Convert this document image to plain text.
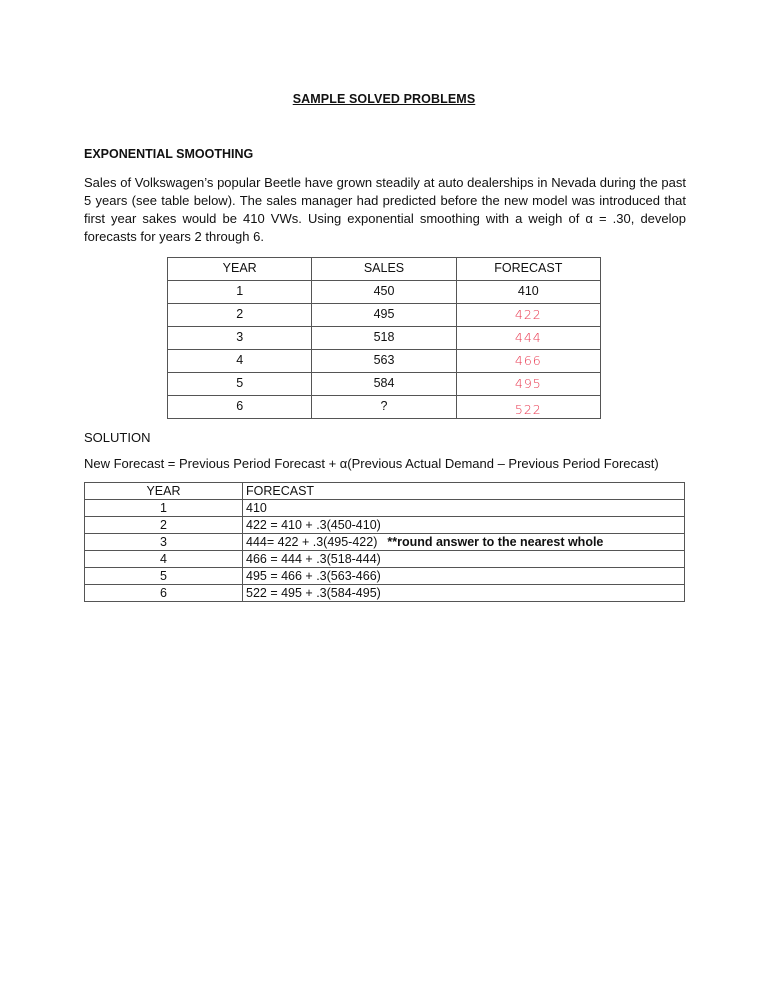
SAMPLE SOLVED PROBLEMS
EXPONENTIAL SMOOTHING
Sales of Volkswagen’s popular Beetle have grown steadily at auto dealerships in Nevada during the past 5 years (see table below). The sales manager had predicted before the new model was introduced that first year sakes would be 410 VWs. Using exponential smoothing with a weigh of α = .30, develop forecasts for years 2 through 6.
YEAR	SALES	FORECAST
1	450	410
2	495	422
3	518	444
4	563	466
5	584	495
6	?	522
SOLUTION
New Forecast = Previous Period Forecast + α(Previous Actual Demand – Previous Period Forecast)
YEAR	FORECAST
1	410
2	422 = 410 + .3(450-410)
3	444= 422 + .3(495-422) **round answer to the nearest whole
4	466 = 444 + .3(518-444)
5	495 = 466 + .3(563-466)
6	522 = 495 + .3(584-495)
